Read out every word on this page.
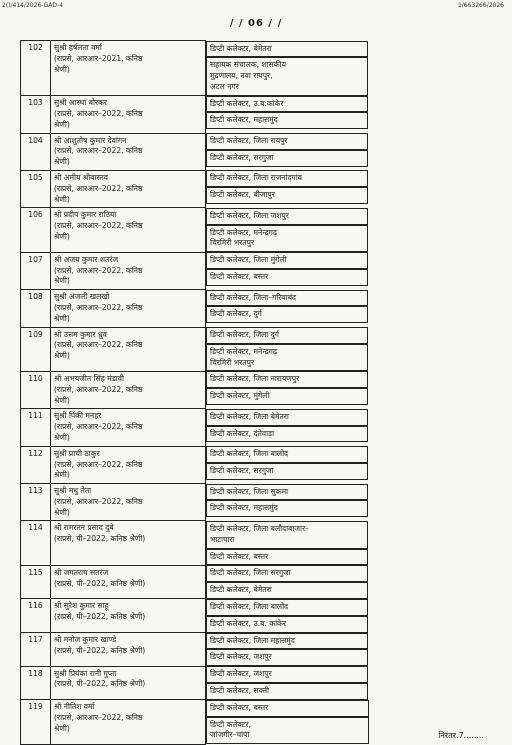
2()/414/2026-GAD-4	1/663266/2026
/ / 06 / /
102	सुश्री हर्षलता वर्मा
(राप्रसे, आरआर–2021, कनिष्ठ
श्रेणी)

डिप्टी कलेक्टर, बेमेतरा
सहायक संचालक, शासकीय
मुद्रणालय, नवा रायपुर,
अटल नगर

103	सुश्री आस्था बोरकर
(राप्रसे, आरआर–2022, कनिष्ठ
श्रेणी)

डिप्टी कलेक्टर, उ.ब.कांकेर
डिप्टी कलेक्टर, महासमुंद

104	श्री आशुतोष कुमार देवांगन
(राप्रसे, आरआर–2022, कनिष्ठ
श्रेणी)

डिप्टी कलेक्टर, जिला रायपुर
डिप्टी कलेक्टर, सरगुजा

105	श्री अमीय श्रीवास्तव
(राप्रसे, आरआर–2022, कनिष्ठ
श्रेणी)

डिप्टी कलेक्टर, जिला राजनांदगांव
डिप्टी कलेक्टर, बीजापुर

106	श्री प्रदीप कुमार राठिया
(राप्रसे, आरआर–2022, कनिष्ठ
श्रेणी)

डिप्टी कलेक्टर, जिला जशपुर
डिप्टी कलेक्टर, मनेन्द्रगढ़
चिरमिरी भरतपुर

107	श्री अजय कुमार शतरंज
(राप्रसे, आरआर–2022, कनिष्ठ
श्रेणी)

डिप्टी कलेक्टर, जिला मुंगेली
डिप्टी कलेक्टर, बस्तर

108	सुश्री अंजली खलखो
(राप्रसे, आरआर–2022, कनिष्ठ
श्रेणी)

डिप्टी कलेक्टर, जिला–गरियाबंद
डिप्टी कलेक्टर, दुर्ग

109	श्री उत्तम कुमार ध्रुव
(राप्रसे, आरआर–2022, कनिष्ठ
श्रेणी)

डिप्टी कलेक्टर, जिला दुर्ग
डिप्टी कलेक्टर, मनेन्द्रगढ़
चिरमिरी भरतपुर

110	श्री अभयजीत सिंह मंडावी
(राप्रसे, आरआर–2022, कनिष्ठ
श्रेणी)

डिप्टी कलेक्टर, जिला नारायणपुर
डिप्टी कलेक्टर, मुंगेली

111	सुश्री पिंकी मनहर
(राप्रसे, आरआर–2022, कनिष्ठ
श्रेणी)

डिप्टी कलेक्टर, जिला बेमेतरा
डिप्टी कलेक्टर, दंतेवाड़ा

112	सुश्री प्राची ठाकुर
(राप्रसे, आरआर–2022, कनिष्ठ
श्रेणी)

डिप्टी कलेक्टर, जिला बालोद
डिप्टी कलेक्टर, सरगुजा

113	सुश्री मधु तेता
(राप्रसे, आरआर–2022, कनिष्ठ
श्रेणी)

डिप्टी कलेक्टर, जिला सुकमा
डिप्टी कलेक्टर, महासमुंद

114	श्री रामरतन प्रसाद दुबे
(राप्रसे, पी–2022, कनिष्ठ श्रेणी)

डिप्टी कलेक्टर, जिला बलौदाबाजार–
भाटापारा
डिप्टी कलेक्टर, बस्तर

115	श्री जगतराम सतरंज
(राप्रसे, पी–2022, कनिष्ठ श्रेणी)

डिप्टी कलेक्टर, जिला सरगुजा
डिप्टी कलेक्टर, बेमेतरा

116	श्री सुरेश कुमार साहू
(राप्रसे, पी–2022, कनिष्ठ श्रेणी)

डिप्टी कलेक्टर, जिला बालोद
डिप्टी कलेक्टर, उ.ब. कांकेर

117	श्री मनोज कुमार खाण्डे
(राप्रसे, पी–2022, कनिष्ठ श्रेणी)

डिप्टी कलेक्टर, जिला महासमुंद
डिप्टी कलेक्टर, जशपुर

118	सुश्री प्रियंका रानी गुप्ता
(राप्रसे, पी–2022, कनिष्ठ श्रेणी)

डिप्टी कलेक्टर, जशपुर
डिप्टी कलेक्टर, सक्ती

119	श्री नीतिश वर्मा
(राप्रसे, आरआर–2022, कनिष्ठ
श्रेणी)

डिप्टी कलेक्टर, बस्तर
डिप्टी कलेक्टर,
जांजगीर–चांपा	निरंतर.7........
